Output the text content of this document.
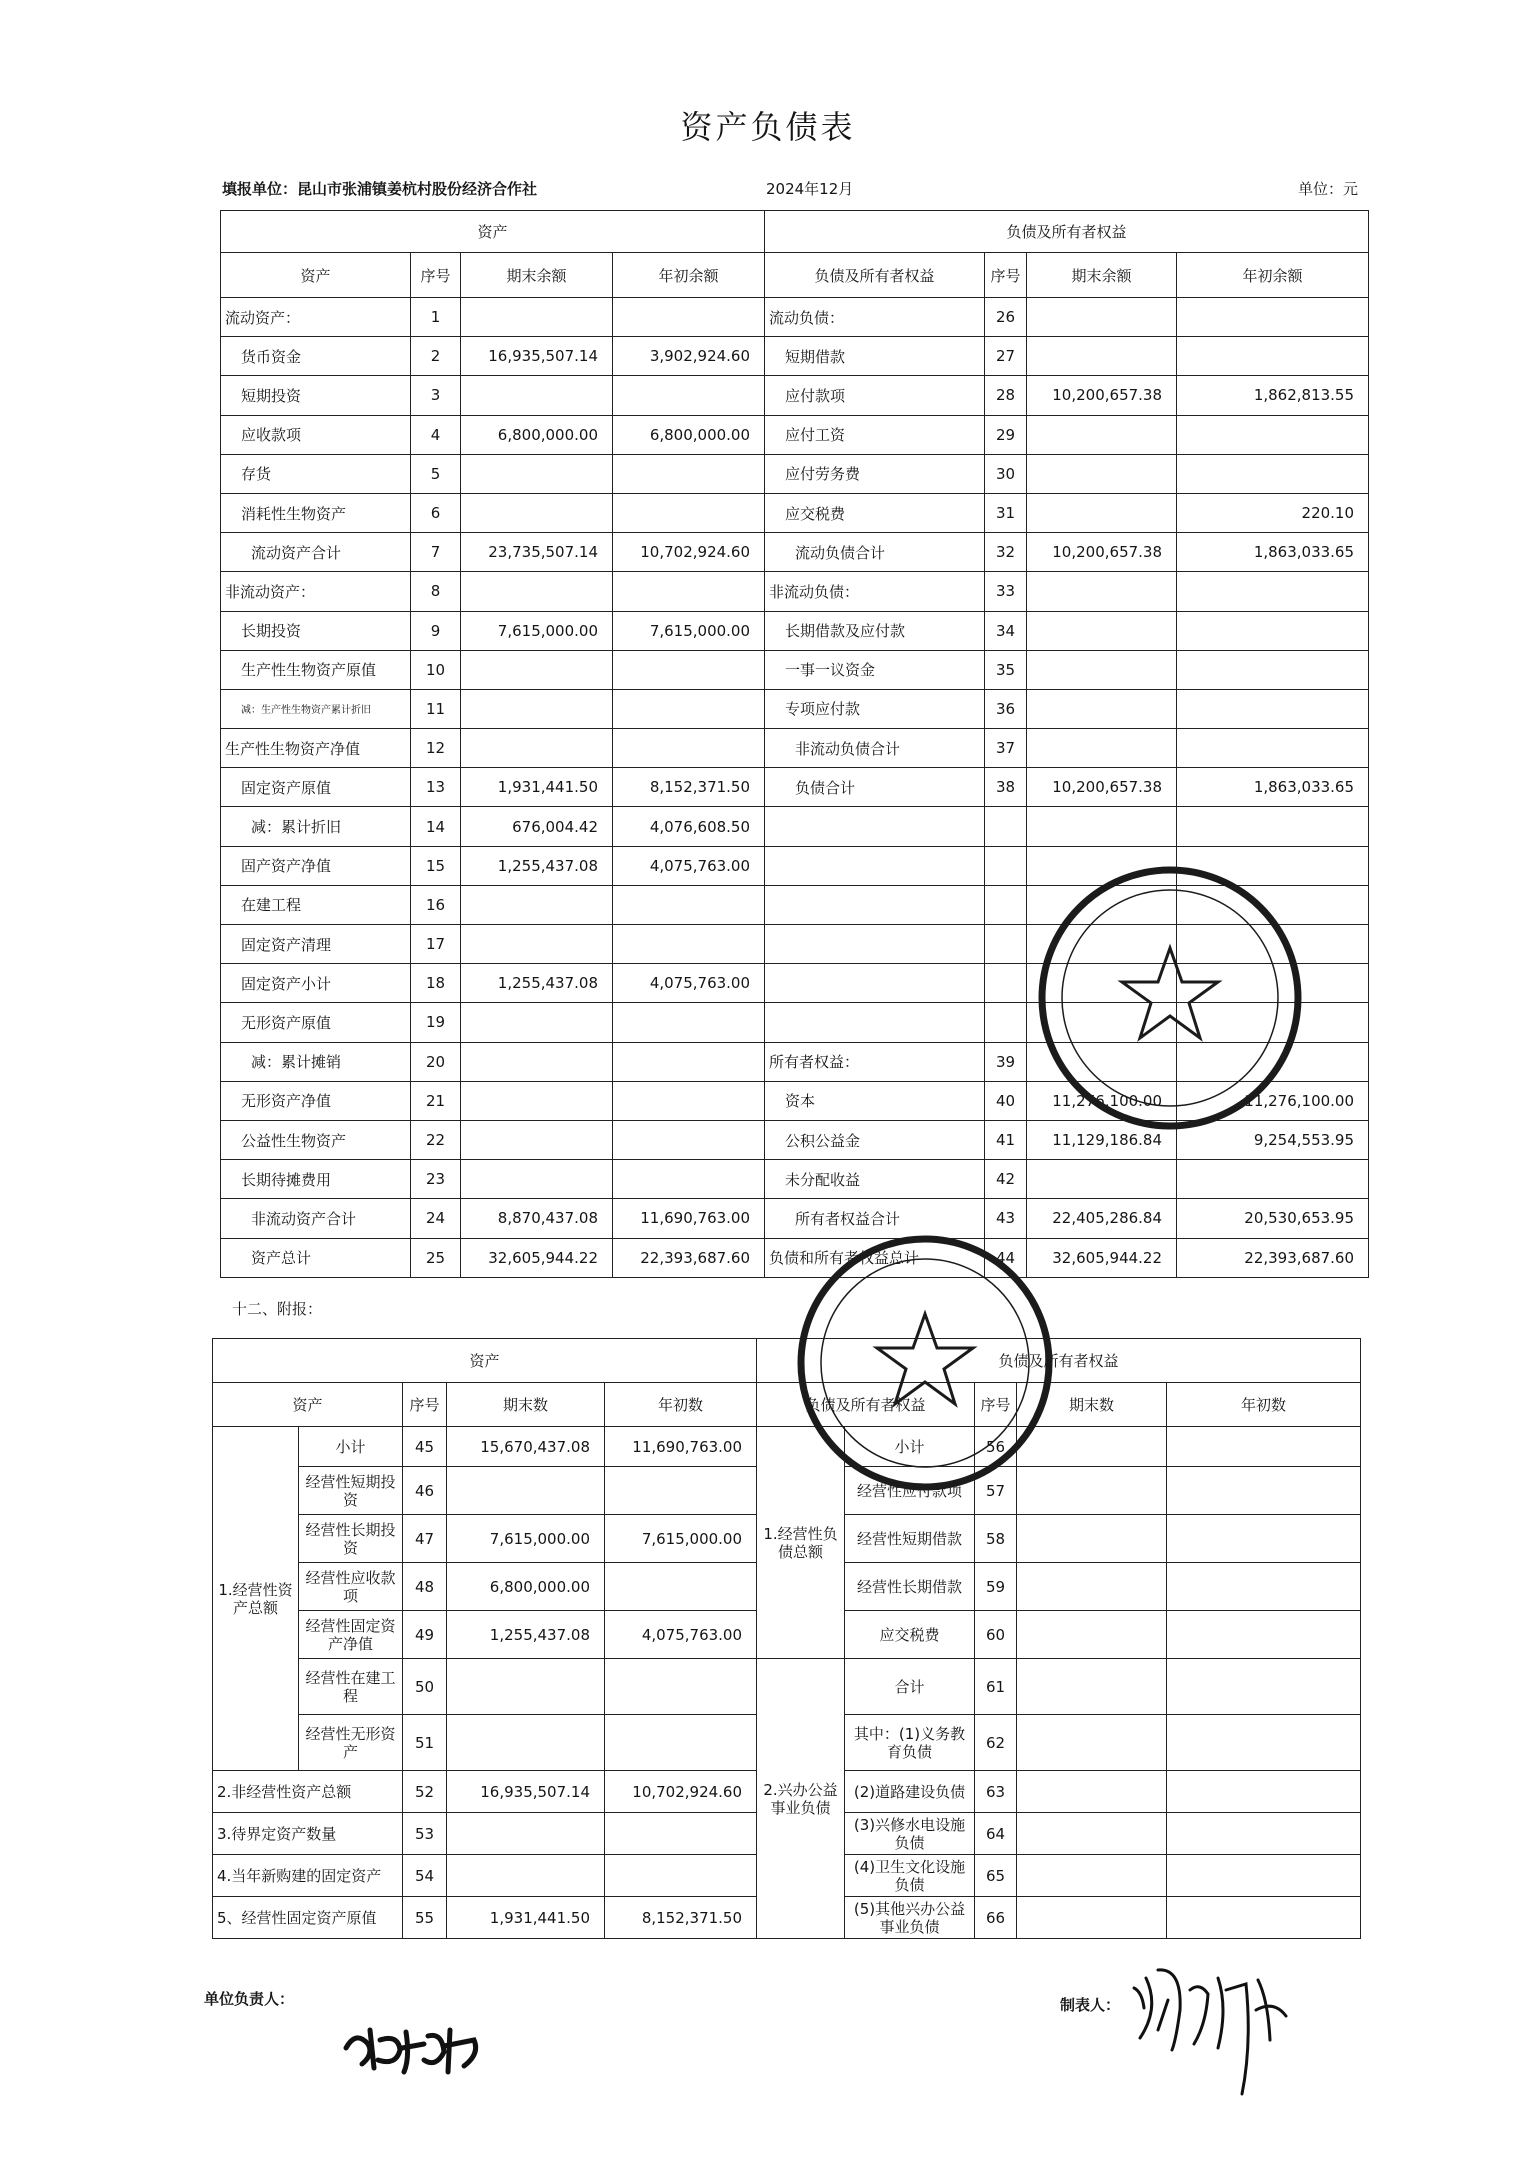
资产负债表
填报单位：昆山市张浦镇姜杭村股份经济合作社	2024年12月	单位：元
资产				负债及所有者权益			
资产	序号	期末余额	年初余额	负债及所有者权益	序号	期末余额	年初余额
流动资产：	1			流动负债：	26		
货币资金	2	16,935,507.14	3,902,924.60	短期借款	27		
短期投资	3			应付款项	28	10,200,657.38	1,862,813.55
应收款项	4	6,800,000.00	6,800,000.00	应付工资	29		
存货	5			应付劳务费	30		
消耗性生物资产	6			应交税费	31		220.10
流动资产合计	7	23,735,507.14	10,702,924.60	流动负债合计	32	10,200,657.38	1,863,033.65
非流动资产：	8			非流动负债：	33		
长期投资	9	7,615,000.00	7,615,000.00	长期借款及应付款	34		
生产性生物资产原值	10			一事一议资金	35		
减：生产性生物资产累计折旧	11			专项应付款	36		
生产性生物资产净值	12			非流动负债合计	37		
固定资产原值	13	1,931,441.50	8,152,371.50	负债合计	38	10,200,657.38	1,863,033.65
减：累计折旧	14	676,004.42	4,076,608.50				
固产资产净值	15	1,255,437.08	4,075,763.00				
在建工程	16						
固定资产清理	17						
固定资产小计	18	1,255,437.08	4,075,763.00				
无形资产原值	19						
减：累计摊销	20			所有者权益：	39		
无形资产净值	21			资本	40	11,276,100.00	11,276,100.00
公益性生物资产	22			公积公益金	41	11,129,186.84	9,254,553.95
长期待摊费用	23			未分配收益	42		
非流动资产合计	24	8,870,437.08	11,690,763.00	所有者权益合计	43	22,405,286.84	20,530,653.95
资产总计	25	32,605,944.22	22,393,687.60	负债和所有者权益总计	44	32,605,944.22	22,393,687.60
十二、附报：
资产					负债及所有者权益				
资产		序号	期末数	年初数	负债及所有者权益		序号	期末数	年初数
1.经营性资产总额	小计	45	15,670,437.08	11,690,763.00	1.经营性负债总额	小计	56		
	经营性短期投资	46				经营性应付款项	57		
	经营性长期投资	47	7,615,000.00	7,615,000.00		经营性短期借款	58		
	经营性应收款项	48	6,800,000.00			经营性长期借款	59		
	经营性固定资产净值	49	1,255,437.08	4,075,763.00		应交税费	60		
	经营性在建工程	50			2.兴办公益事业负债	合计	61		
	经营性无形资产	51				其中：(1)义务教育负债	62		
2.非经营性资产总额		52	16,935,507.14	10,702,924.60		(2)道路建设负债	63		
3.待界定资产数量		53				(3)兴修水电设施负债	64		
4.当年新购建的固定资产		54				(4)卫生文化设施负债	65		
5、经营性固定资产原值		55	1,931,441.50	8,152,371.50		(5)其他兴办公益事业负债	66		
单位负责人：	制表人：
